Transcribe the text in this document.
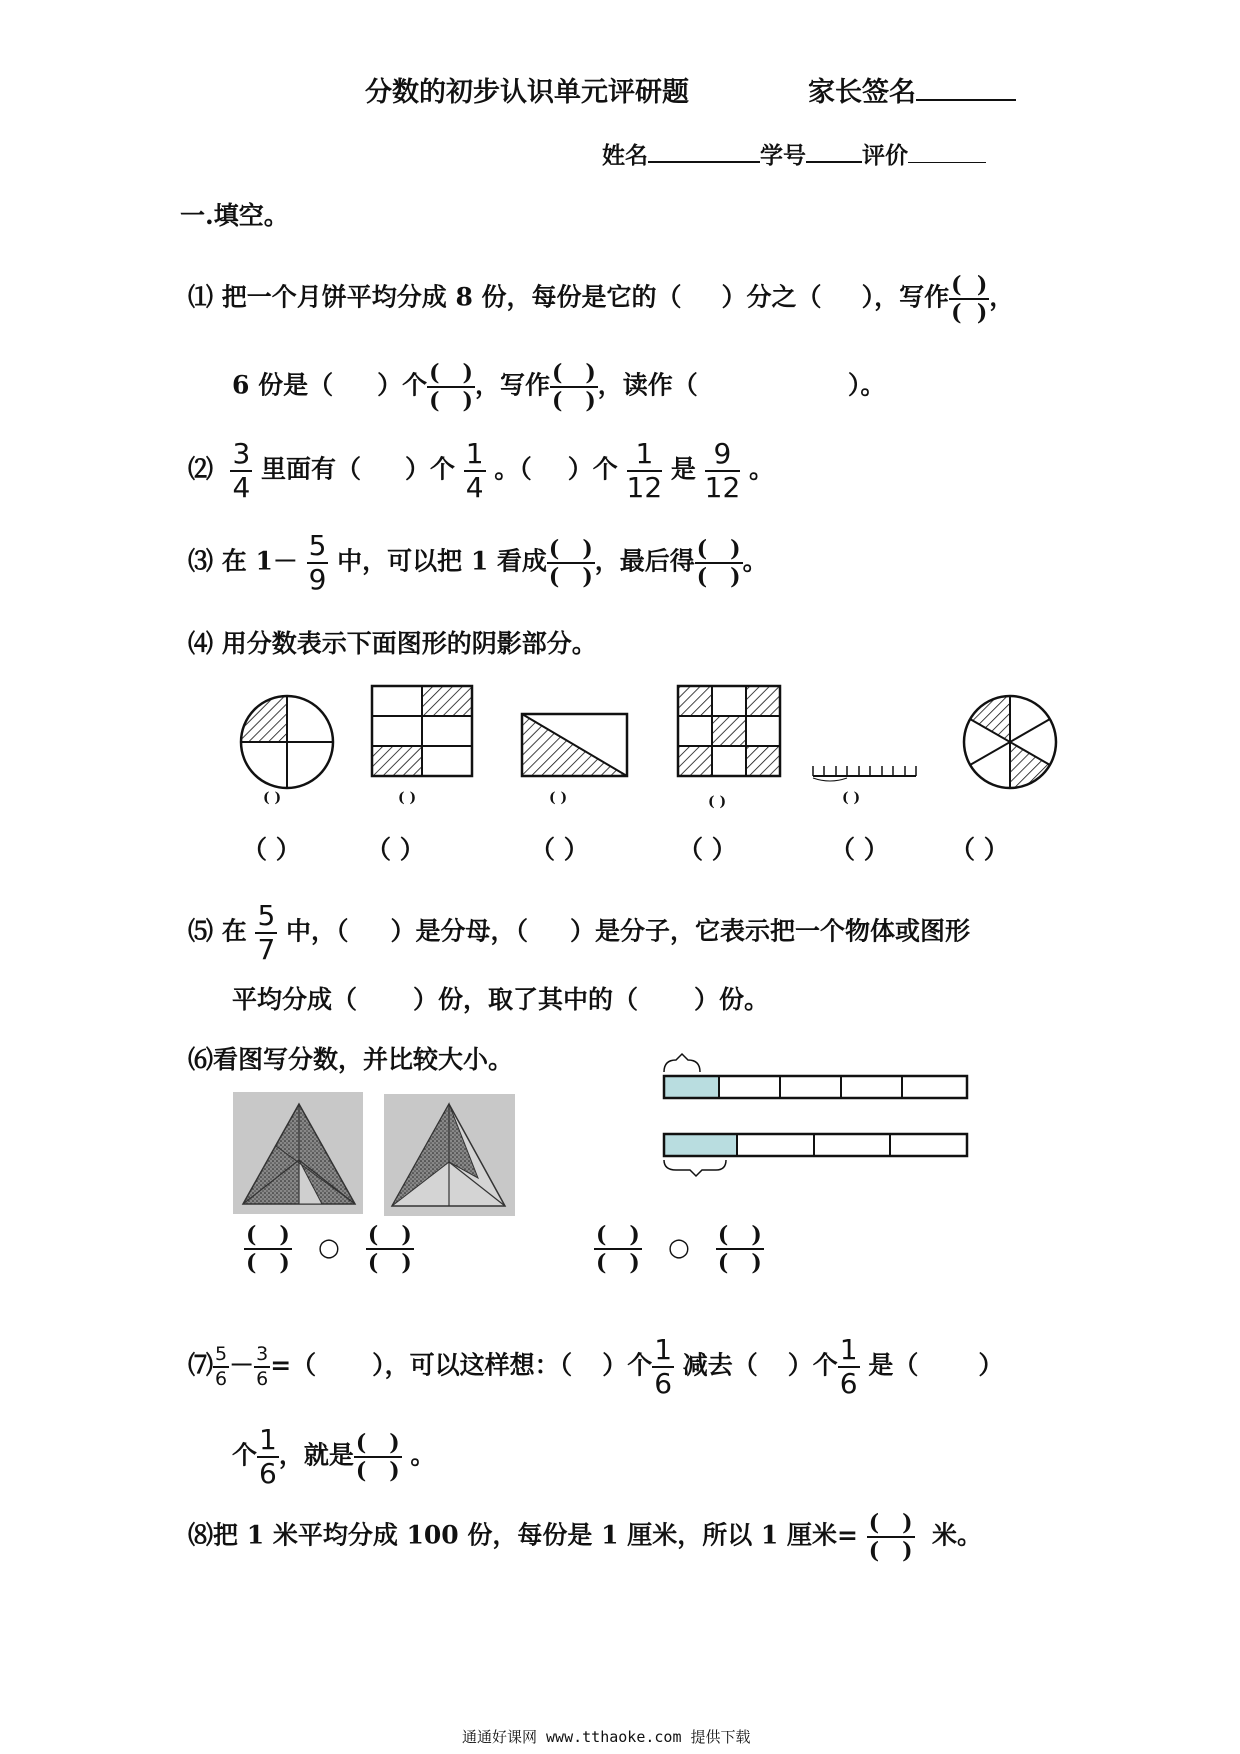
分数的初步认识单元评研题	家长签名
姓名	学号 评价
一.填空。
⑴ 把一个月饼平均分成 8 份，每份是它的（ ）分之（ ），写作 $\frac{( )}{( )}$ ，
6 份是（ ）个 $\frac{( )}{( )}$ ，写作 $\frac{( )}{( )}$ ，读作（	）。
⑵ $\frac{3}{4}$ 里面有（ ）个 $\frac{1}{4}$ 。（ ）个 $\frac{1}{12}$ 是 $\frac{9}{12}$ 。
⑶ 在 $1- \frac{5}{9}$ 中，可以把 1 看成 $\frac{( )}{( )}$ ，最后得 $\frac{( )}{( )}$ 。
⑷ 用分数表示下面图形的阴影部分。
( )	( )	( )	( )	( )
（ ）	（ ）	（ ）	（ ）	（ ） （ ）
⑸ 在 $\frac{5}{7}$ 中，（ ）是分母，（ ）是分子，它表示把一个物体或图形
平均分成（ ）份，取了其中的（ ）份。
⑹看图写分数，并比较大小。
$\frac{( )}{( )}$ ○ $\frac{( )}{( )}$	$\frac{( )}{( )}$ ○ $\frac{( )}{( )}$
⑺ $\frac{5}{6} - \frac{3}{6}$ =（ ），可以这样想：（ ）个 $\frac{1}{6}$ 减去（ ）个 $\frac{1}{6}$ 是（ ）
个 $\frac{1}{6}$ ，就是 $\frac{( )}{( )}$ 。
⑻把 1 米平均分成 100 份，每份是 1 厘米，所以 1 厘米= $\frac{( )}{( )}$ 米。
通通好课网 www.tthaoke.com 提供下载
